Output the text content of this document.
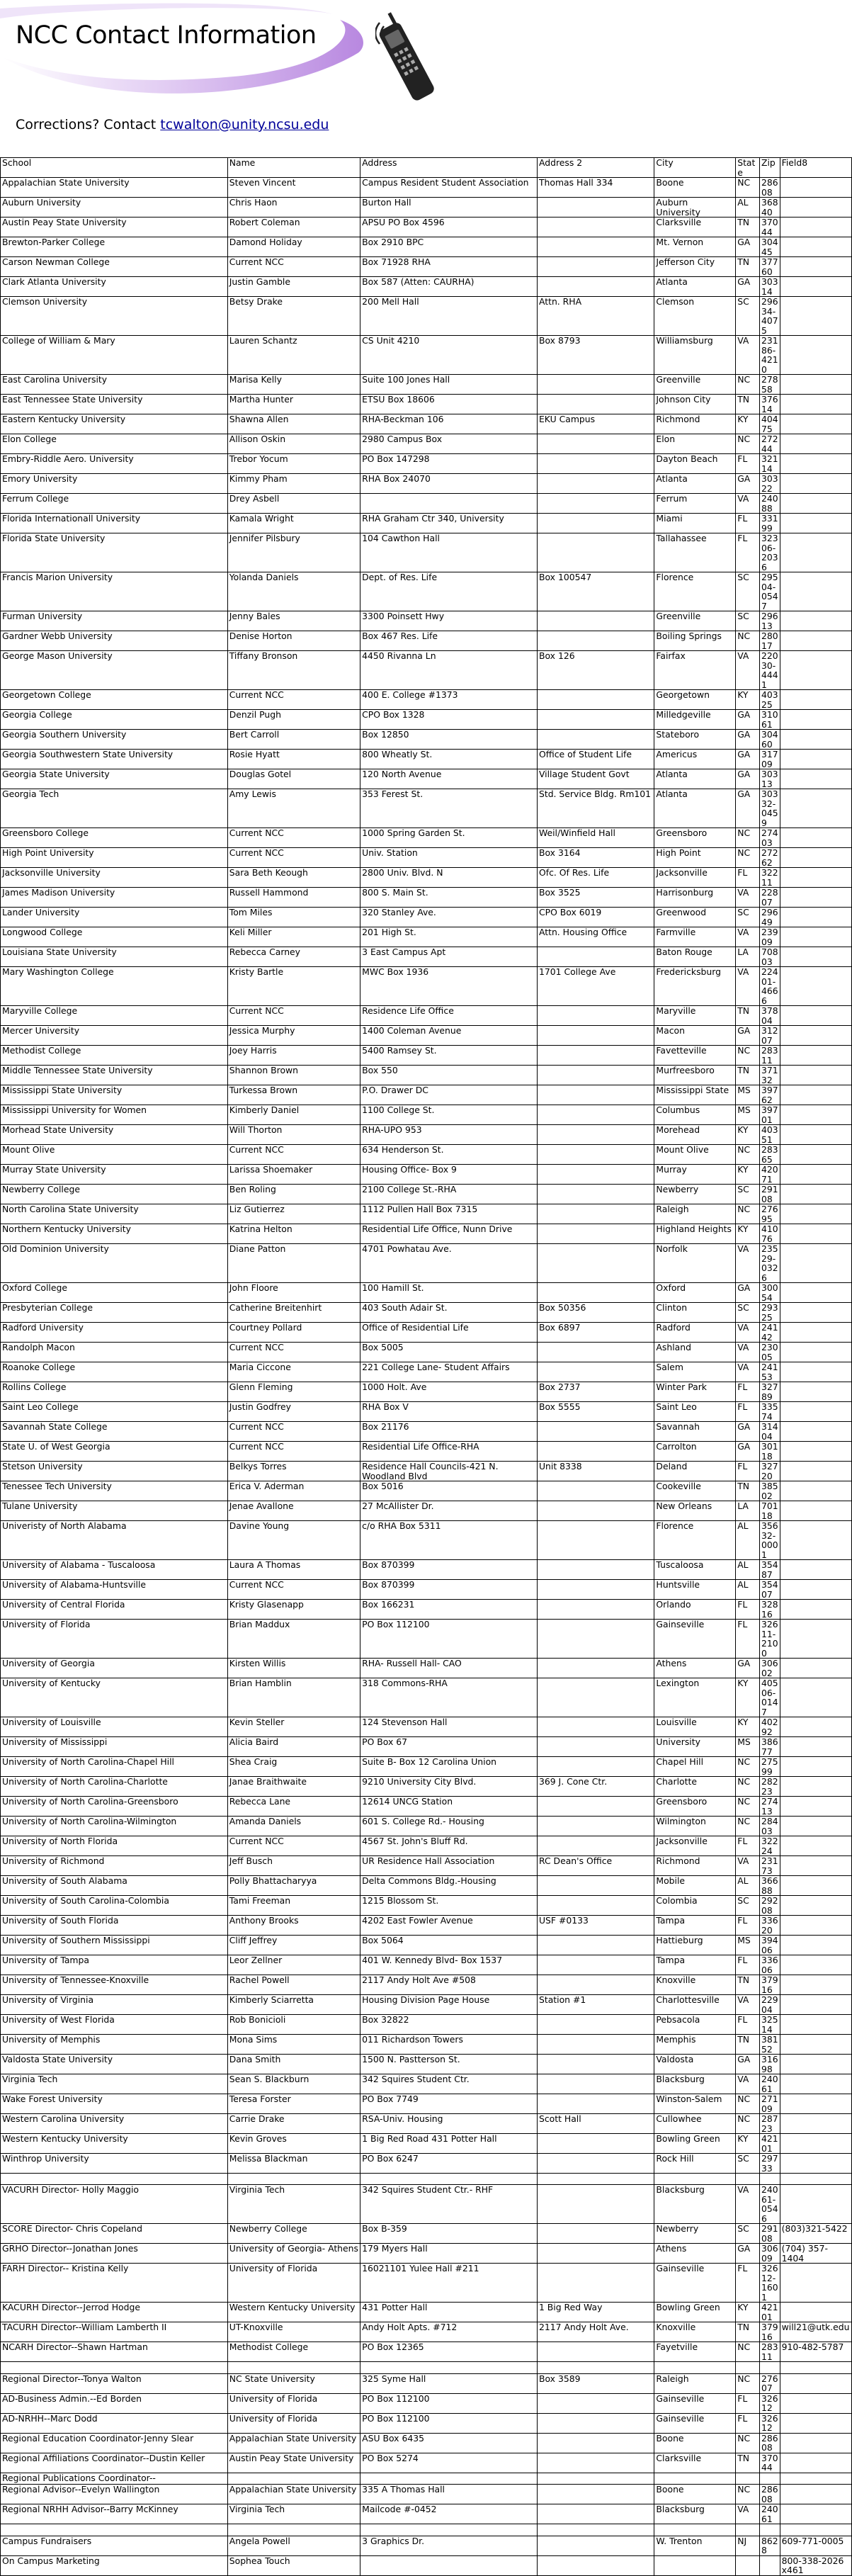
NCC Contact Information
Corrections? Contact tcwalton@unity.ncsu.edu
School	Name	Address	Address 2	City	State	Zip	Field8
Appalachian State University	Steven Vincent	Campus Resident Student Association	Thomas Hall 334	Boone	NC	28608	
Auburn University	Chris Haon	Burton Hall		Auburn University	AL	36840	
Austin Peay State University	Robert Coleman	APSU PO Box 4596		Clarksville	TN	37044	
Brewton-Parker College	Damond Holiday	Box 2910 BPC		Mt. Vernon	GA	30445	
Carson Newman College	Current NCC	Box 71928 RHA		Jefferson City	TN	37760	
Clark Atlanta University	Justin Gamble	Box 587 (Atten: CAURHA)		Atlanta	GA	30314	
Clemson University	Betsy Drake	200 Mell Hall	Attn. RHA	Clemson	SC	29634-4075	
College of William & Mary	Lauren Schantz	CS Unit 4210	Box 8793	Williamsburg	VA	23186-4210	
East Carolina University	Marisa Kelly	Suite 100 Jones Hall		Greenville	NC	27858	
East Tennessee State University	Martha Hunter	ETSU Box 18606		Johnson City	TN	37614	
Eastern Kentucky University	Shawna Allen	RHA-Beckman 106	EKU Campus	Richmond	KY	40475	
Elon College	Allison Oskin	2980 Campus Box		Elon	NC	27244	
Embry-Riddle Aero. University	Trebor Yocum	PO Box 147298		Dayton Beach	FL	32114	
Emory University	Kimmy Pham	RHA Box 24070		Atlanta	GA	30322	
Ferrum College	Drey Asbell			Ferrum	VA	24088	
Florida Internationall University	Kamala Wright	RHA Graham Ctr 340, University		Miami	FL	33199	
Florida State University	Jennifer Pilsbury	104 Cawthon Hall		Tallahassee	FL	32306-2036	
Francis Marion University	Yolanda Daniels	Dept. of Res. Life	Box 100547	Florence	SC	29504-0547	
Furman University	Jenny Bales	3300 Poinsett Hwy		Greenville	SC	29613	
Gardner Webb University	Denise Horton	Box 467 Res. Life		Boiling Springs	NC	28017	
George Mason University	Tiffany Bronson	4450 Rivanna Ln	Box 126	Fairfax	VA	22030-4441	
Georgetown College	Current NCC	400 E. College #1373		Georgetown	KY	40325	
Georgia College	Denzil Pugh	CPO Box 1328		Milledgeville	GA	31061	
Georgia Southern University	Bert Carroll	Box 12850		Stateboro	GA	30460	
Georgia Southwestern State University	Rosie Hyatt	800 Wheatly St.	Office of Student Life	Americus	GA	31709	
Georgia State University	Douglas Gotel	120 North Avenue	Village Student Govt	Atlanta	GA	30313	
Georgia Tech	Amy Lewis	353 Ferest St.	Std. Service Bldg. Rm101	Atlanta	GA	30332-0459	
Greensboro College	Current NCC	1000 Spring Garden St.	Weil/Winfield Hall	Greensboro	NC	27403	
High Point University	Current NCC	Univ. Station	Box 3164	High Point	NC	27262	
Jacksonville University	Sara Beth Keough	2800 Univ. Blvd. N	Ofc. Of Res. Life	Jacksonville	FL	32211	
James Madison University	Russell Hammond	800 S. Main St.	Box 3525	Harrisonburg	VA	22807	
Lander University	Tom Miles	320 Stanley Ave.	CPO Box 6019	Greenwood	SC	29649	
Longwood College	Keli Miller	201 High St.	Attn. Housing Office	Farmville	VA	23909	
Louisiana State University	Rebecca Carney	3 East Campus Apt		Baton Rouge	LA	70803	
Mary Washington College	Kristy Bartle	MWC Box 1936	1701 College Ave	Fredericksburg	VA	22401-4666	
Maryville College	Current NCC	Residence Life Office		Maryville	TN	37804	
Mercer University	Jessica Murphy	1400 Coleman Avenue		Macon	GA	31207	
Methodist College	Joey Harris	5400 Ramsey St.		Favetteville	NC	28311	
Middle Tennessee State University	Shannon Brown	Box 550		Murfreesboro	TN	37132	
Mississippi State University	Turkessa Brown	P.O. Drawer DC		Mississippi State	MS	39762	
Mississippi University for Women	Kimberly Daniel	1100 College St.		Columbus	MS	39701	
Morhead State University	Will Thorton	RHA-UPO 953		Morehead	KY	40351	
Mount Olive	Current NCC	634 Henderson St.		Mount Olive	NC	28365	
Murray State University	Larissa Shoemaker	Housing Office- Box 9		Murray	KY	42071	
Newberry College	Ben Roling	2100 College St.-RHA		Newberry	SC	29108	
North Carolina State University	Liz Gutierrez	1112 Pullen Hall Box 7315		Raleigh	NC	27695	
Northern Kentucky University	Katrina Helton	Residential Life Office, Nunn Drive		Highland Heights	KY	41076	
Old Dominion University	Diane Patton	4701 Powhatau Ave.		Norfolk	VA	23529-0326	
Oxford College	John Floore	100 Hamill St.		Oxford	GA	30054	
Presbyterian College	Catherine Breitenhirt	403 South Adair St.	Box 50356	Clinton	SC	29325	
Radford University	Courtney Pollard	Office of Residential Life	Box 6897	Radford	VA	24142	
Randolph Macon	Current NCC	Box 5005		Ashland	VA	23005	
Roanoke College	Maria Ciccone	221 College Lane- Student Affairs		Salem	VA	24153	
Rollins College	Glenn Fleming	1000 Holt. Ave	Box 2737	Winter Park	FL	32789	
Saint Leo College	Justin Godfrey	RHA Box V	Box 5555	Saint Leo	FL	33574	
Savannah State College	Current NCC	Box 21176		Savannah	GA	31404	
State U. of West Georgia	Current NCC	Residential Life Office-RHA		Carrolton	GA	30118	
Stetson University	Belkys Torres	Residence Hall Councils-421 N. Woodland Blvd	Unit 8338	Deland	FL	32720	
Tenessee Tech University	Erica V. Aderman	Box 5016		Cookeville	TN	38502	
Tulane University	Jenae Avallone	27 McAllister Dr.		New Orleans	LA	70118	
Univeristy of North Alabama	Davine Young	c/o RHA Box 5311		Florence	AL	35632-0001	
University of Alabama - Tuscaloosa	Laura A Thomas	Box 870399		Tuscaloosa	AL	35487	
University of Alabama-Huntsville	Current NCC	Box 870399		Huntsville	AL	35407	
University of Central Florida	Kristy Glasenapp	Box 166231		Orlando	FL	32816	
University of Florida	Brian Maddux	PO Box 112100		Gainseville	FL	32611-2100	
University of Georgia	Kirsten Willis	RHA- Russell Hall- CAO		Athens	GA	30602	
University of Kentucky	Brian Hamblin	318 Commons-RHA		Lexington	KY	40506-0147	
University of Louisville	Kevin Steller	124 Stevenson Hall		Louisville	KY	40292	
University of Mississippi	Alicia Baird	PO Box 67		University	MS	38677	
University of North Carolina-Chapel Hill	Shea Craig	Suite B- Box 12 Carolina Union		Chapel Hill	NC	27599	
University of North Carolina-Charlotte	Janae Braithwaite	9210 University City Blvd.	369 J. Cone Ctr.	Charlotte	NC	28223	
University of North Carolina-Greensboro	Rebecca Lane	12614 UNCG Station		Greensboro	NC	27413	
University of North Carolina-Wilmington	Amanda Daniels	601 S. College Rd.- Housing		Wilmington	NC	28403	
University of North Florida	Current NCC	4567 St. John's Bluff Rd.		Jacksonville	FL	32224	
University of Richmond	Jeff Busch	UR Residence Hall Association	RC Dean's Office	Richmond	VA	23173	
University of South Alabama	Polly Bhattacharyya	Delta Commons Bldg.-Housing		Mobile	AL	36688	
University of South Carolina-Colombia	Tami Freeman	1215 Blossom St.		Colombia	SC	29208	
University of South Florida	Anthony Brooks	4202 East Fowler Avenue	USF #0133	Tampa	FL	33620	
University of Southern Mississippi	Cliff Jeffrey	Box 5064		Hattieburg	MS	39406	
University of Tampa	Leor Zellner	401 W. Kennedy Blvd- Box 1537		Tampa	FL	33606	
University of Tennessee-Knoxville	Rachel Powell	2117 Andy Holt Ave #508		Knoxville	TN	37916	
University of Virginia	Kimberly Sciarretta	Housing Division Page House	Station #1	Charlottesville	VA	22904	
University of West Florida	Rob Bonicioli	Box 32822		Pebsacola	FL	32514	
University of Memphis	Mona Sims	011 Richardson Towers		Memphis	TN	38152	
Valdosta State University	Dana Smith	1500 N. Pastterson St.		Valdosta	GA	31698	
Virginia Tech	Sean S. Blackburn	342 Squires Student Ctr.		Blacksburg	VA	24061	
Wake Forest University	Teresa Forster	PO Box 7749		Winston-Salem	NC	27109	
Western Carolina University	Carrie Drake	RSA-Univ. Housing	Scott Hall	Cullowhee	NC	28723	
Western Kentucky University	Kevin Groves	1 Big Red Road 431 Potter Hall		Bowling Green	KY	42101	
Winthrop University	Melissa Blackman	PO Box 6247		Rock Hill	SC	29733	

VACURH Director- Holly Maggio	Virginia Tech	342 Squires Student Ctr.- RHF		Blacksburg	VA	24061-0546	
SCORE Director- Chris Copeland	Newberry College	Box B-359		Newberry	SC	29108	(803)321-5422
GRHO Director--Jonathan Jones	University of Georgia- Athens	179 Myers Hall		Athens	GA	30609	(704) 357-1404
FARH Director-- Kristina Kelly	University of Florida	16021101 Yulee Hall #211		Gainseville	FL	32612-1601	
KACURH Director--Jerrod Hodge	Western Kentucky University	431 Potter Hall	1 Big Red Way	Bowling Green	KY	42101	
TACURH Director--William Lamberth II	UT-Knoxville	Andy Holt Apts. #712	2117 Andy Holt Ave.	Knoxville	TN	37916	will21@utk.edu
NCARH Director--Shawn Hartman	Methodist College	PO Box 12365		Fayetville	NC	28311	910-482-5787

Regional Director--Tonya Walton	NC State University	325 Syme Hall	Box 3589	Raleigh	NC	27607	
AD-Business Admin.--Ed Borden	University of Florida	PO Box 112100		Gainseville	FL	32612	
AD-NRHH--Marc Dodd	University of Florida	PO Box 112100		Gainseville	FL	32612	
Regional Education Coordinator-Jenny Slear	Appalachian State University	ASU Box 6435		Boone	NC	28608	
Regional Affiliations Coordinator--Dustin Keller	Austin Peay State University	PO Box 5274		Clarksville	TN	37044	
Regional Publications Coordinator--							
Regional Advisor--Evelyn Wallington	Appalachian State University	335 A Thomas Hall		Boone	NC	28608	
Regional NRHH Advisor--Barry McKinney	Virginia Tech	Mailcode #-0452		Blacksburg	VA	24061	

Campus Fundraisers	Angela Powell	3 Graphics Dr.		W. Trenton	NJ	8628	609-771-0005
On Campus Marketing	Sophea Touch						800-338-2026 x461
